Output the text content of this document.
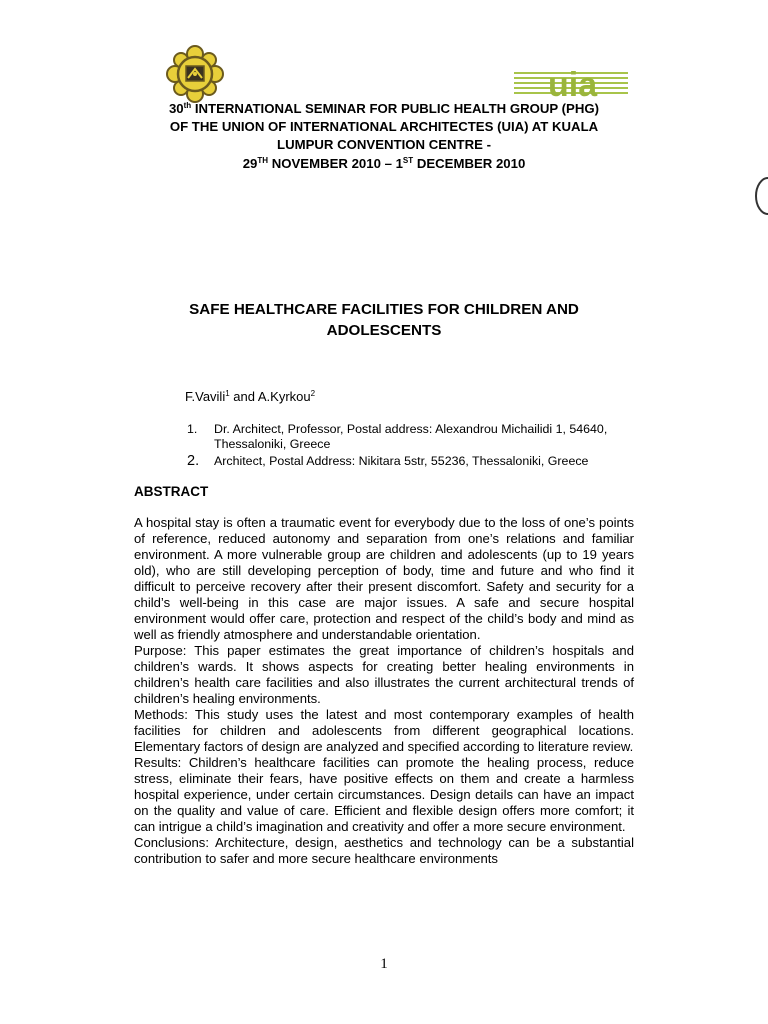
uia
30th INTERNATIONAL SEMINAR FOR PUBLIC HEALTH GROUP (PHG)
OF THE UNION OF INTERNATIONAL ARCHITECTES (UIA) AT KUALA
LUMPUR CONVENTION CENTRE -
29TH NOVEMBER 2010 – 1ST DECEMBER 2010
SAFE HEALTHCARE FACILITIES FOR CHILDREN AND
ADOLESCENTS
F.Vavili$^1$ and A.Kyrkou$^2$
1. Dr. Architect, Professor, Postal address: Alexandrou Michailidi 1, 54640, Thessaloniki, Greece
2. Architect, Postal Address: Nikitara 5str, 55236, Thessaloniki, Greece
ABSTRACT

A hospital stay is often a traumatic event for everybody due to the loss of one’s points of reference, reduced autonomy and separation from one’s relations and familiar environment. A more vulnerable group are children and adolescents (up to 19 years old), who are still developing perception of body, time and future and who find it difficult to perceive recovery after their present discomfort. Safety and security for a child’s well-being in this case are major issues. A safe and secure hospital environment would offer care, protection and respect of the child’s body and mind as well as friendly atmosphere and understandable orientation.

Purpose: This paper estimates the great importance of children’s hospitals and children’s wards. It shows aspects for creating better healing environments in children’s health care facilities and also illustrates the current architectural trends of children’s healing environments.

Methods: This study uses the latest and most contemporary examples of health facilities for children and adolescents from different geographical locations. Elementary factors of design are analyzed and specified according to literature review.

Results: Children’s healthcare facilities can promote the healing process, reduce stress, eliminate their fears, have positive effects on them and create a harmless hospital experience, under certain circumstances. Design details can have an impact on the quality and value of care. Efficient and flexible design offers more comfort; it can intrigue a child’s imagination and creativity and offer a more secure environment.

Conclusions: Architecture, design, aesthetics and technology can be a substantial contribution to safer and more secure healthcare environments

1
